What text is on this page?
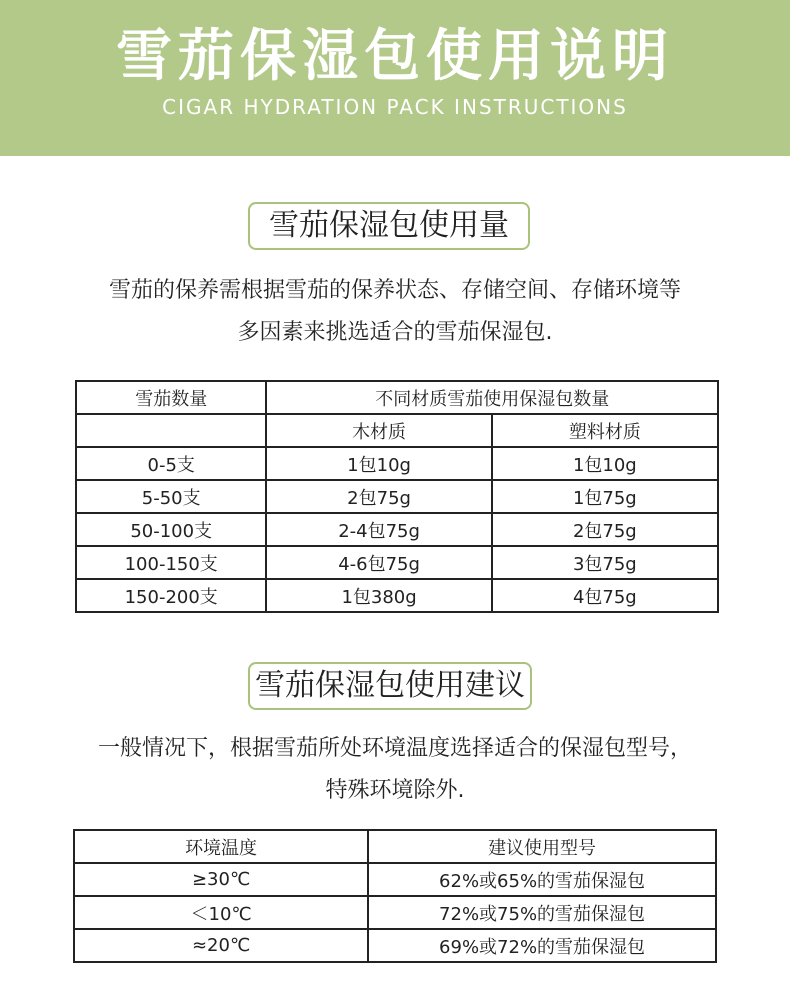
雪茄保湿包使用说明
CIGAR HYDRATION PACK INSTRUCTIONS
雪茄保湿包使用量
雪茄的保养需根据雪茄的保养状态、存储空间、存储环境等
多因素来挑选适合的雪茄保湿包.
雪茄数量	不同材质雪茄使用保湿包数量	
	木材质	塑料材质
0-5支	1包10g	1包10g
5-50支	2包75g	1包75g
50-100支	2-4包75g	2包75g
100-150支	4-6包75g	3包75g
150-200支	1包380g	4包75g
雪茄保湿包使用建议
一般情况下，根据雪茄所处环境温度选择适合的保湿包型号，
特殊环境除外.
环境温度	建议使用型号
≥30℃	62%或65%的雪茄保湿包
＜10℃	72%或75%的雪茄保湿包
≈20℃	69%或72%的雪茄保湿包
